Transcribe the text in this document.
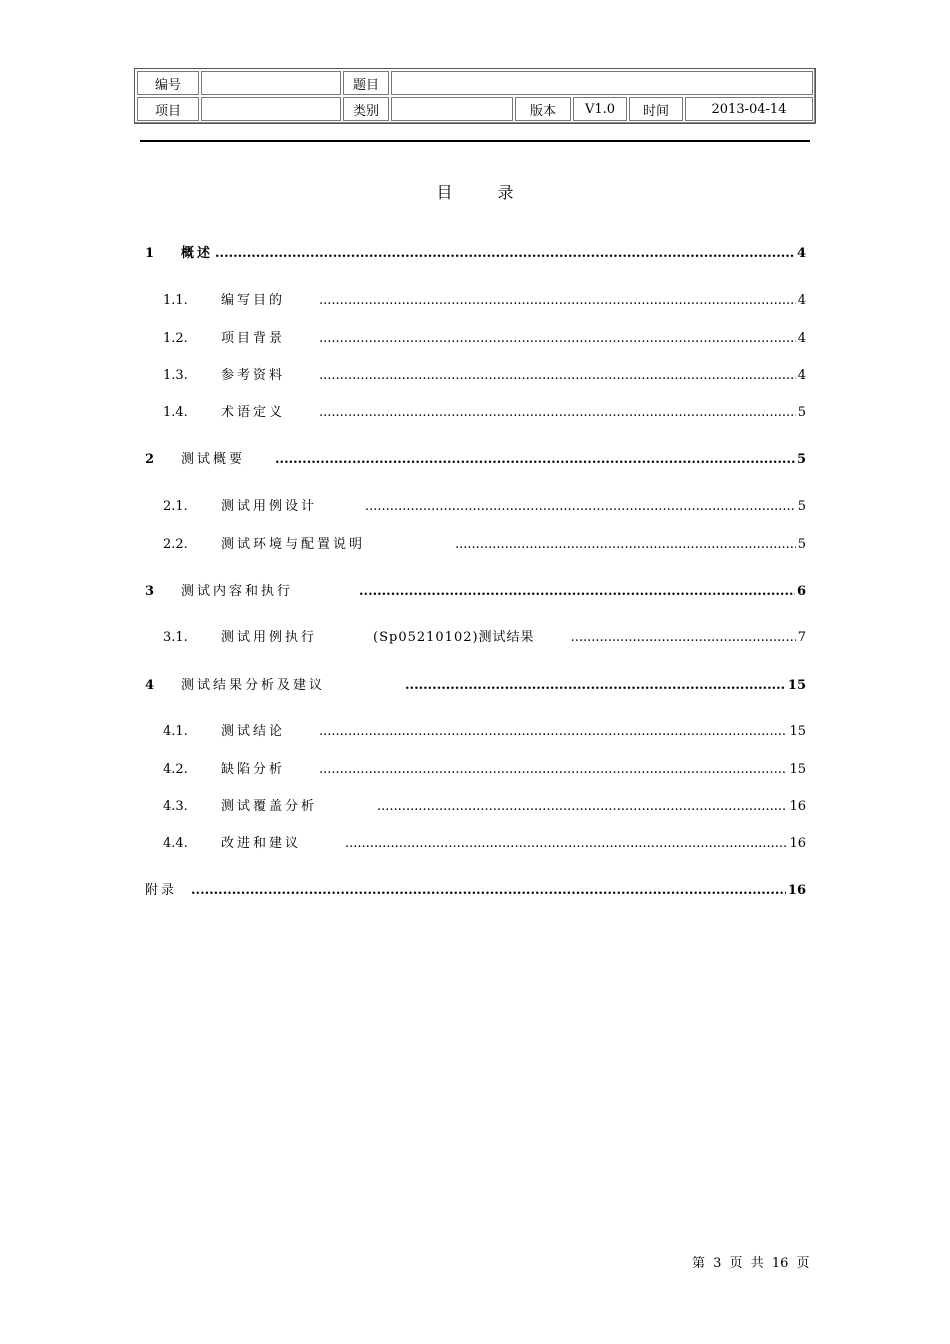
编号		题目					
项目		类别		版本	V1.0	时间	2013-04-14
目 录
1	概述 .....	4
1.1.	编写目的 .....	4
1.2.	项目背景 .....	4
1.3.	参考资料 .....	4
1.4.	术语定义 .....	5
2	测试概要 .....	5
2.1.	测试用例设计 .....	5
2.2.	测试环境与配置说明 .....	5
3	测试内容和执行 .....	6
3.1.	测试用例执行	(Sp05210102)测试结果 .....	7
4	测试结果分析及建议 .....	15
4.1.	测试结论 .....	15
4.2.	缺陷分析 .....	15
4.3.	测试覆盖分析 .....	16
4.4.	改进和建议 .....	16
附录 .....	16
第 3 页 共 16 页
